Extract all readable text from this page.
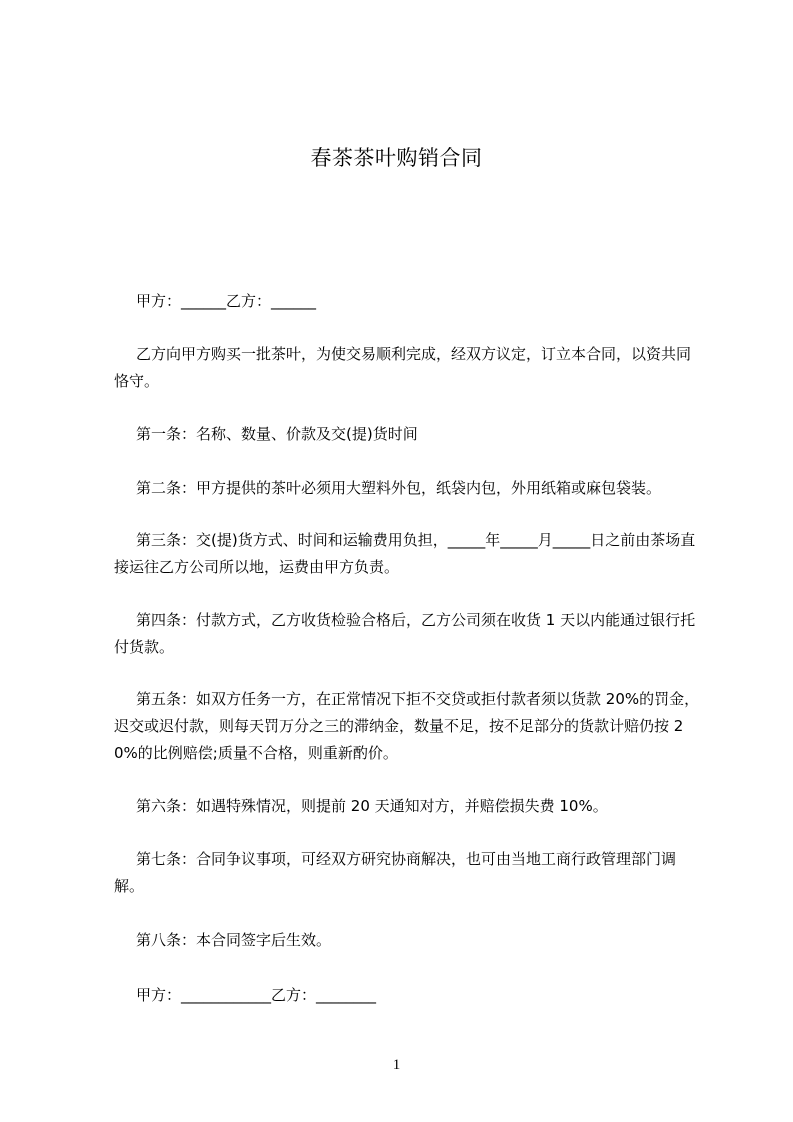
春茶茶叶购销合同
甲方：______乙方：______
乙方向甲方购买一批茶叶，为使交易顺利完成，经双方议定，订立本合同，以资共同恪守。
第一条：名称、数量、价款及交(提)货时间
第二条：甲方提供的茶叶必须用大塑料外包，纸袋内包，外用纸箱或麻包袋装。
第三条：交(提)货方式、时间和运输费用负担，_____年_____月_____日之前由茶场直接运往乙方公司所以地，运费由甲方负责。
第四条：付款方式，乙方收货检验合格后，乙方公司须在收货 1 天以内能通过银行托付货款。
第五条：如双方任务一方，在正常情况下拒不交贷或拒付款者须以货款 20%的罚金，迟交或迟付款，则每天罚万分之三的滞纳金，数量不足，按不足部分的货款计赔仍按 20%的比例赔偿;质量不合格，则重新酌价。
第六条：如遇特殊情况，则提前 20 天通知对方，并赔偿损失费 10%。
第七条：合同争议事项，可经双方研究协商解决，也可由当地工商行政管理部门调解。
第八条：本合同签字后生效。
甲方：____________乙方：________
1
